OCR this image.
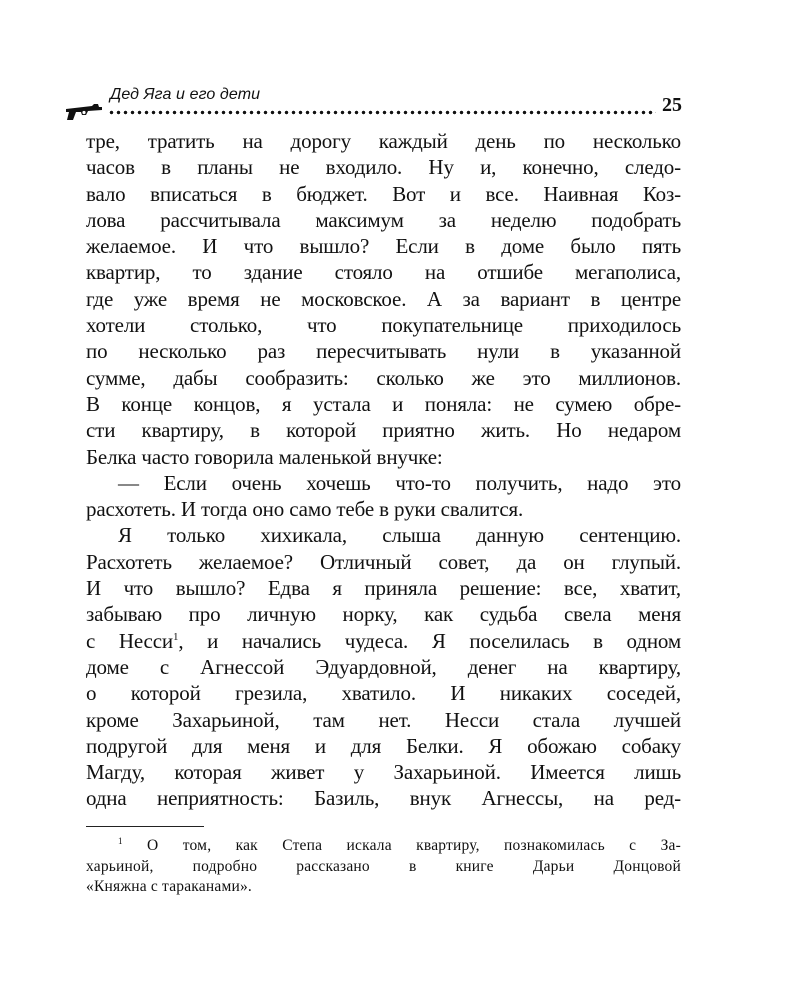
Дед Яга и его дети	25
тре, тратить на дорогу каждый день по несколько
часов в планы не входило. Ну и, конечно, следо-
вало вписаться в бюджет. Вот и все. Наивная Коз-
лова рассчитывала максимум за неделю подобрать
желаемое. И что вышло? Если в доме было пять
квартир, то здание стояло на отшибе мегаполиса,
где уже время не московское. А за вариант в центре
хотели столько, что покупательнице приходилось
по несколько раз пересчитывать нули в указанной
сумме, дабы сообразить: сколько же это миллионов.
В конце концов, я устала и поняла: не сумею обре-
сти квартиру, в которой приятно жить. Но недаром
Белка часто говорила маленькой внучке:
— Если очень хочешь что-то получить, надо это
расхотеть. И тогда оно само тебе в руки свалится.
Я только хихикала, слыша данную сентенцию.
Расхотеть желаемое? Отличный совет, да он глупый.
И что вышло? Едва я приняла решение: все, хватит,
забываю про личную норку, как судьба свела меня
с Несси$^1$, и начались чудеса. Я поселилась в одном
доме с Агнессой Эдуардовной, денег на квартиру,
о которой грезила, хватило. И никаких соседей,
кроме Захарьиной, там нет. Несси стала лучшей
подругой для меня и для Белки. Я обожаю собаку
Магду, которая живет у Захарьиной. Имеется лишь
одна неприятность: Базиль, внук Агнессы, на ред-
$^1$ О том, как Степа искала квартиру, познакомилась с За-
харьиной, подробно рассказано в книге Дарьи Донцовой
«Княжна с тараканами».
